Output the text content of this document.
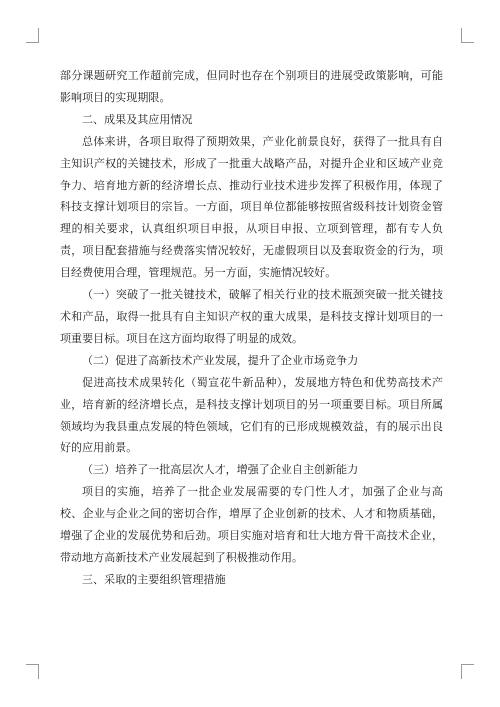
部分课题研究工作超前完成，但同时也存在个别项目的进展受政策影响，可能影响项目的实现期限。

二、成果及其应用情况

总体来讲，各项目取得了预期效果，产业化前景良好，获得了一批具有自主知识产权的关键技术，形成了一批重大战略产品，对提升企业和区域产业竞争力、培育地方新的经济增长点、推动行业技术进步发挥了积极作用，体现了科技支撑计划项目的宗旨。一方面，项目单位都能够按照省级科技计划资金管理的相关要求，认真组织项目申报，从项目申报、立项到管理，都有专人负责，项目配套措施与经费落实情况较好，无虚假项目以及套取资金的行为，项目经费使用合理，管理规范。另一方面，实施情况较好。

（一）突破了一批关键技术，破解了相关行业的技术瓶颈突破一批关键技术和产品，取得一批具有自主知识产权的重大成果，是科技支撑计划项目的一项重要目标。项目在这方面均取得了明显的成效。

（二）促进了高新技术产业发展，提升了企业市场竞争力

促进高技术成果转化（蜀宣花牛新品种），发展地方特色和优势高技术产业，培育新的经济增长点，是科技支撑计划项目的另一项重要目标。项目所属领域均为我县重点发展的特色领域，它们有的已形成规模效益，有的展示出良好的应用前景。

（三）培养了一批高层次人才，增强了企业自主创新能力

项目的实施，培养了一批企业发展需要的专门性人才，加强了企业与高校、企业与企业之间的密切合作，增厚了企业创新的技术、人才和物质基础，增强了企业的发展优势和后劲。项目实施对培育和壮大地方骨干高技术企业，带动地方高新技术产业发展起到了积极推动作用。

三、采取的主要组织管理措施
